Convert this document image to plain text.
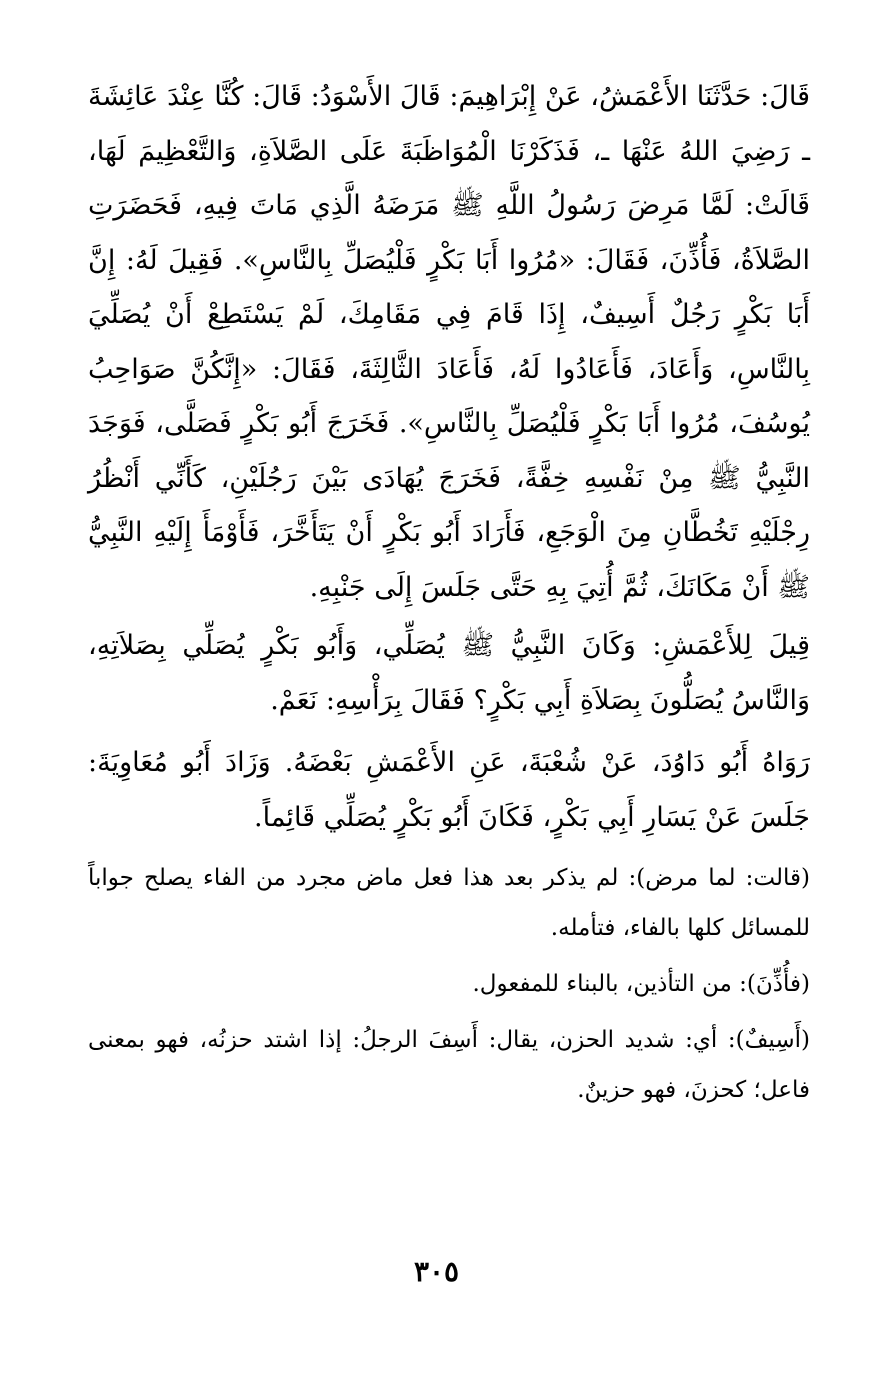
قَالَ: حَدَّثَنَا الأَعْمَشُ، عَنْ إِبْرَاهِيمَ: قَالَ الأَسْوَدُ: قَالَ: كُنَّا عِنْدَ عَائِشَةَ ـ رَضِيَ اللهُ عَنْهَا ـ، فَذَكَرْنَا الْمُوَاظَبَةَ عَلَى الصَّلاَةِ، وَالتَّعْظِيمَ لَهَا، قَالَتْ: لَمَّا مَرِضَ رَسُولُ اللَّهِ ﷺ مَرَضَهُ الَّذِي مَاتَ فِيهِ، فَحَضَرَتِ الصَّلاَةُ، فَأُذِّنَ، فَقَالَ: «مُرُوا أَبَا بَكْرٍ فَلْيُصَلِّ بِالنَّاسِ». فَقِيلَ لَهُ: إِنَّ أَبَا بَكْرٍ رَجُلٌ أَسِيفٌ، إِذَا قَامَ فِي مَقَامِكَ، لَمْ يَسْتَطِعْ أَنْ يُصَلِّيَ بِالنَّاسِ، وَأَعَادَ، فَأَعَادُوا لَهُ، فَأَعَادَ الثَّالِثَةَ، فَقَالَ: «إِنَّكُنَّ صَوَاحِبُ يُوسُفَ، مُرُوا أَبَا بَكْرٍ فَلْيُصَلِّ بِالنَّاسِ». فَخَرَجَ أَبُو بَكْرٍ فَصَلَّى، فَوَجَدَ النَّبِيُّ ﷺ مِنْ نَفْسِهِ خِفَّةً، فَخَرَجَ يُهَادَى بَيْنَ رَجُلَيْنِ، كَأَنِّي أَنْظُرُ رِجْلَيْهِ تَخُطَّانِ مِنَ الْوَجَعِ، فَأَرَادَ أَبُو بَكْرٍ أَنْ يَتَأَخَّرَ، فَأَوْمَأَ إِلَيْهِ النَّبِيُّ ﷺ أَنْ مَكَانَكَ، ثُمَّ أُتِيَ بِهِ حَتَّى جَلَسَ إِلَى جَنْبِهِ.

قِيلَ لِلأَعْمَشِ: وَكَانَ النَّبِيُّ ﷺ يُصَلِّي، وَأَبُو بَكْرٍ يُصَلِّي بِصَلاَتِهِ، وَالنَّاسُ يُصَلُّونَ بِصَلاَةِ أَبِي بَكْرٍ؟ فَقَالَ بِرَأْسِهِ: نَعَمْ.

رَوَاهُ أَبُو دَاوُدَ، عَنْ شُعْبَةَ، عَنِ الأَعْمَشِ بَعْضَهُ. وَزَادَ أَبُو مُعَاوِيَةَ: جَلَسَ عَنْ يَسَارِ أَبِي بَكْرٍ، فَكَانَ أَبُو بَكْرٍ يُصَلِّي قَائِماً.

(قالت: لما مرض): لم يذكر بعد هذا فعل ماض مجرد من الفاء يصلح جواباً للمسائل كلها بالفاء، فتأمله.

(فأُذِّنَ): من التأذين، بالبناء للمفعول.

(أَسِيفٌ): أي: شديد الحزن، يقال: أَسِفَ الرجلُ: إذا اشتد حزنُه، فهو بمعنى فاعل؛ كحزنَ، فهو حزينٌ.

٣٠٥
